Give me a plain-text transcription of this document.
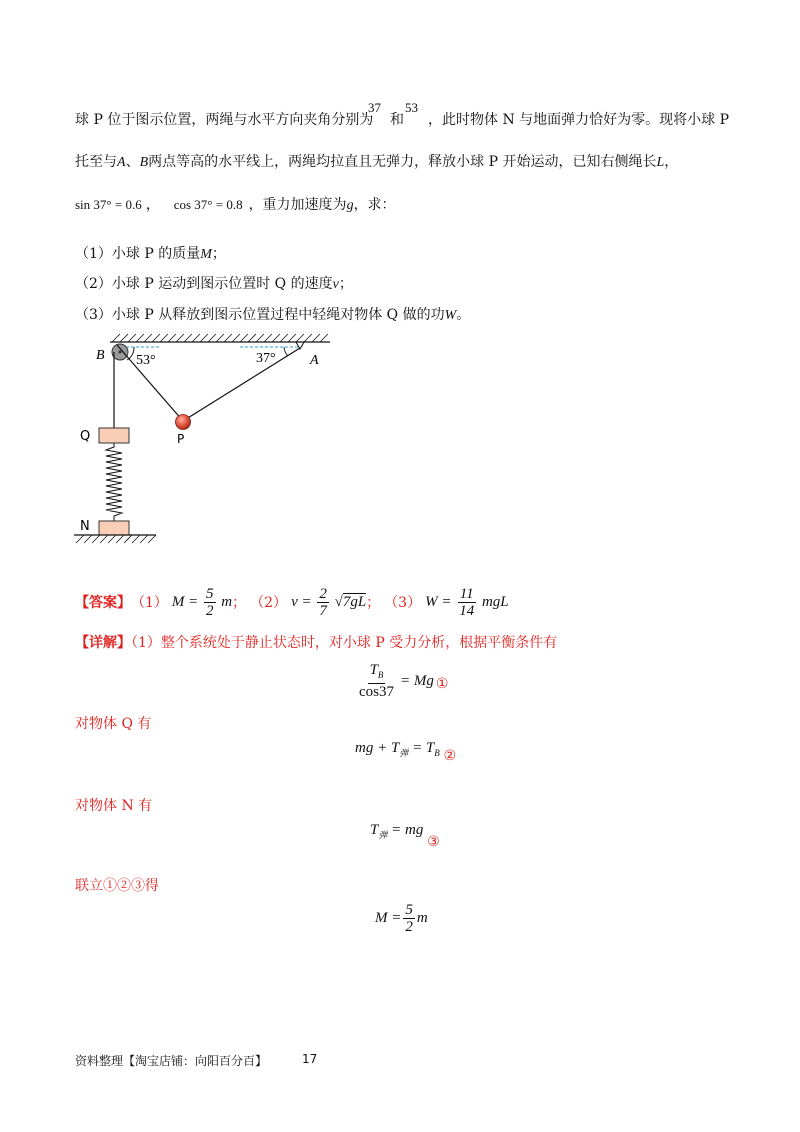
球 P 位于图示位置，两绳与水平方向夹角分别为
37
和
53
，此时物体 N 与地面弹力恰好为零。现将小球 P
托至与A、B两点等高的水平线上，两绳均拉直且无弹力，释放小球 P 开始运动，已知右侧绳长L，
sin 37° = 0.6 ， cos 37° = 0.8 ，重力加速度为g，求：
（1）小球 P 的质量M；
（2）小球 P 运动到图示位置时 Q 的速度v；
（3）小球 P 从释放到图示位置过程中轻绳对物体 Q 做的功W。
B	A
53°	37°
Q	P
N
【答案】 （1） $M = \frac{5}{2}$ m ； （2） $v = \frac{2}{7} √7gL$ ； （3） $W = \frac{11}{14}$ mgL
【详解】（1）整个系统处于静止状态时，对小球 P 受力分析，根据平衡条件有
$\frac{T_B}{\cos 37} = Mg$ ①
对物体 Q 有
mg + $T_弹 = T_B$ ②
对物体 N 有
$T_弹$ = mg ③
联立①②③得
$M = \frac{5}{2}$ m
资料整理【淘宝店铺：向阳百分百】	17
